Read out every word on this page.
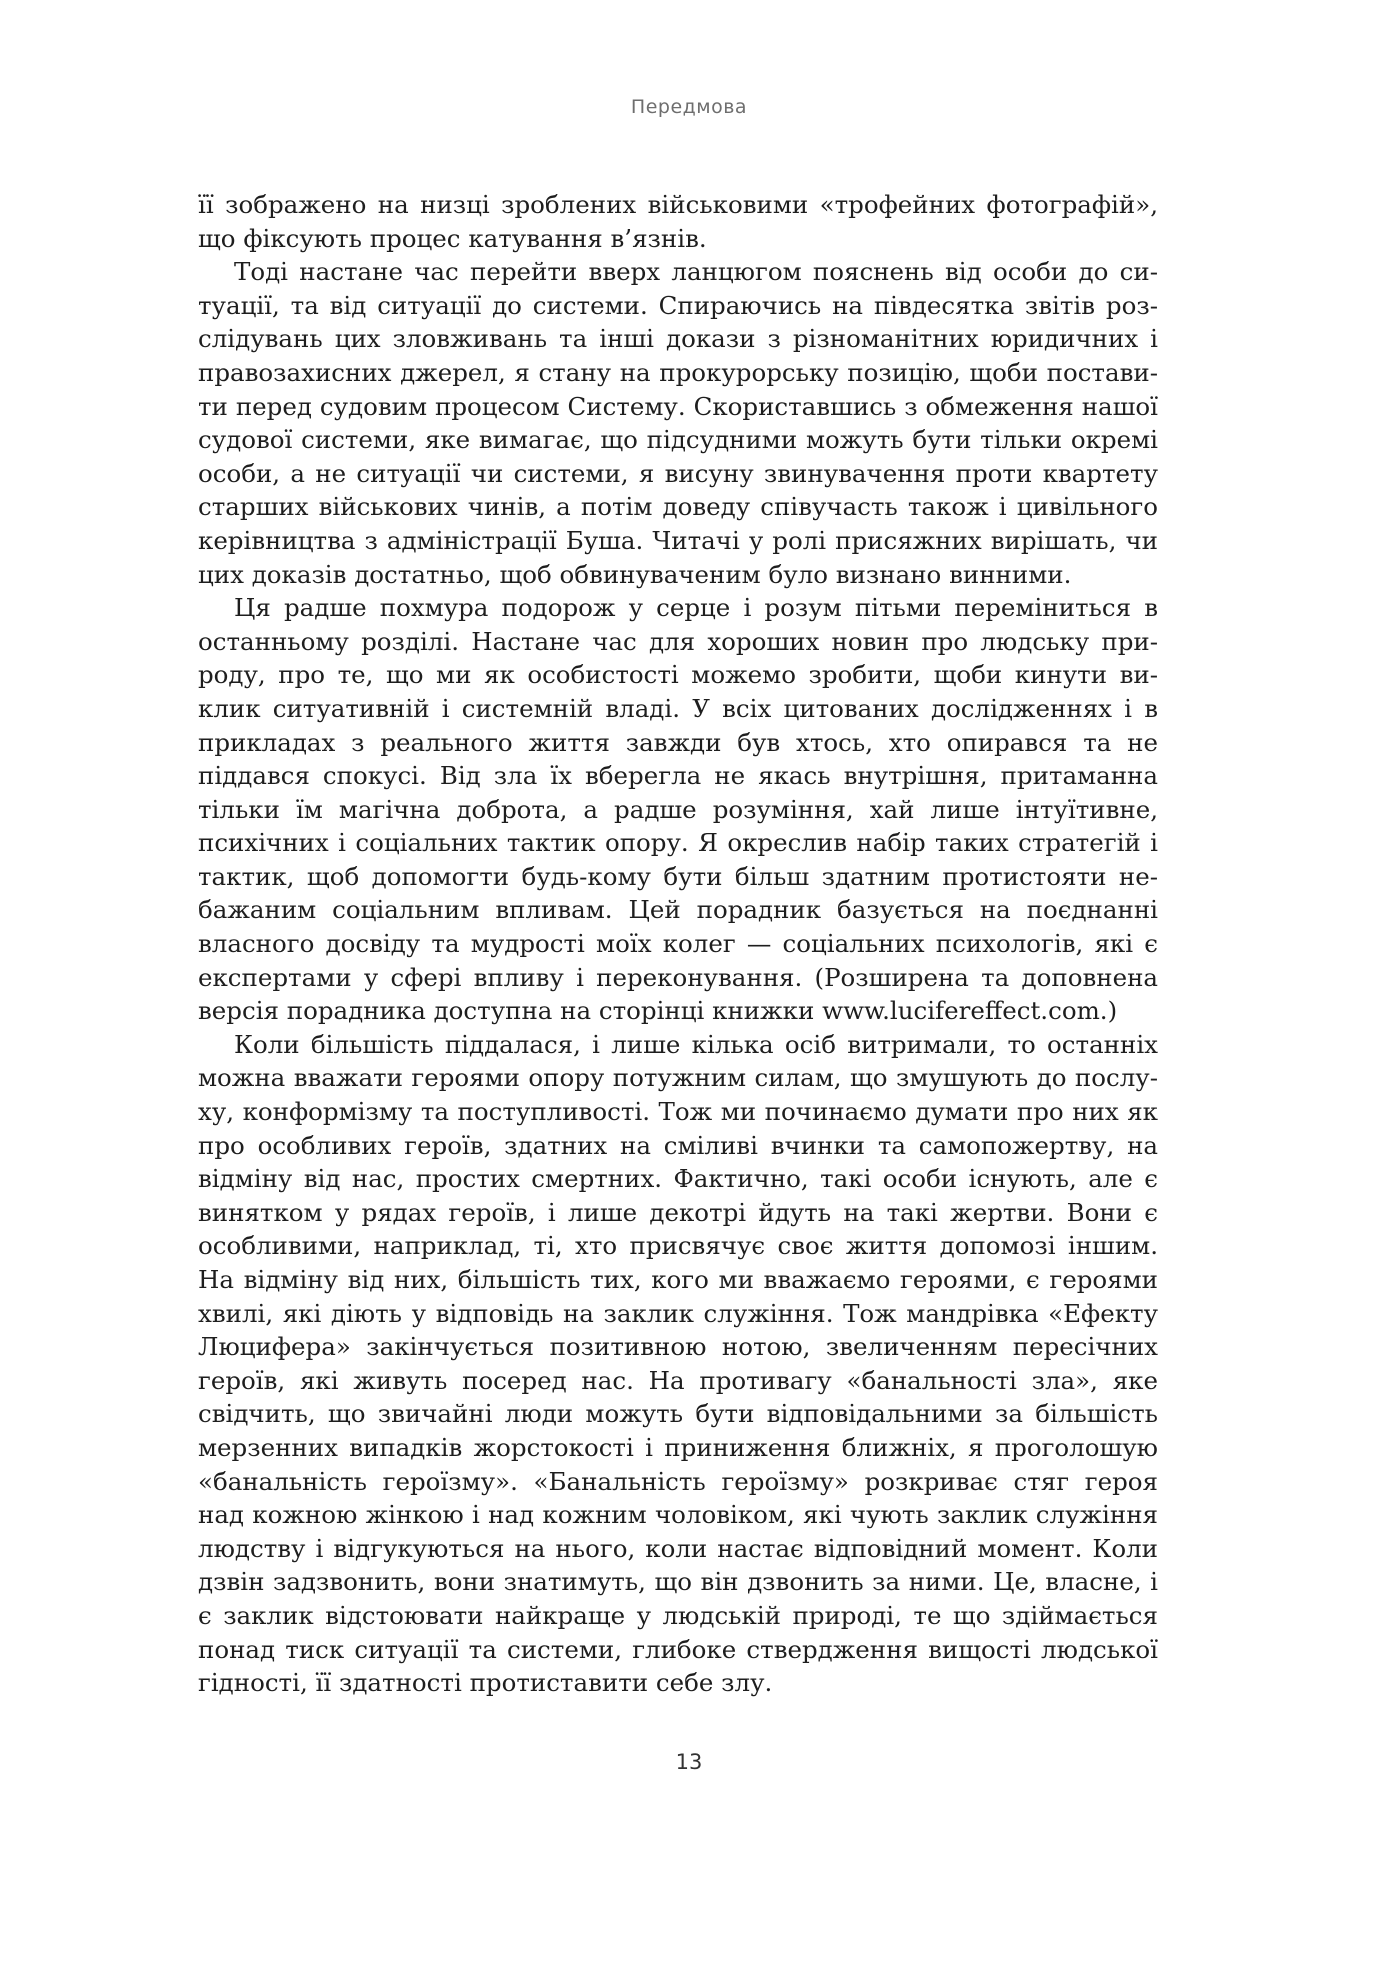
Передмова

її зображено на низці зроблених військовими «трофейних фотографій», що фіксують процес катування в’язнів.

Тоді настане час перейти вверх ланцюгом пояснень від особи до ситуації, та від ситуації до системи. Спираючись на півдесятка звітів розслідувань цих зловживань та інші докази з різноманітних юридичних і правозахисних джерел, я стану на прокурорську позицію, щоби поставити перед судовим процесом Систему. Скориставшись з обмеження нашої судової системи, яке вимагає, що підсудними можуть бути тільки окремі особи, а не ситуації чи системи, я висуну звинувачення проти квартету старших військових чинів, а потім доведу співучасть також і цивільного керівництва з адміністрації Буша. Читачі у ролі присяжних вирішать, чи цих доказів достатньо, щоб обвинуваченим було визнано винними.

Ця радше похмура подорож у серце і розум пітьми переміниться в останньому розділі. Настане час для хороших новин про людську природу, про те, що ми як особистості можемо зробити, щоби кинути виклик ситуативній і системній владі. У всіх цитованих дослідженнях і в прикладах з реального життя завжди був хтось, хто опирався та не піддався спокусі. Від зла їх вберегла не якась внутрішня, притаманна тільки їм магічна доброта, а радше розуміння, хай лише інтуїтивне, психічних і соціальних тактик опору. Я окреслив набір таких стратегій і тактик, щоб допомогти будь-кому бути більш здатним протистояти небажаним соціальним впливам. Цей порадник базується на поєднанні власного досвіду та мудрості моїх колег — соціальних психологів, які є експертами у сфері впливу і переконування. (Розширена та доповнена версія порадника доступна на сторінці книжки www.lucifereffect.com.)

Коли більшість піддалася, і лише кілька осіб витримали, то останніх можна вважати героями опору потужним силам, що змушують до послуху, конформізму та поступливості. Тож ми починаємо думати про них як про особливих героїв, здатних на сміливі вчинки та самопожертву, на відміну від нас, простих смертних. Фактично, такі особи існують, але є винятком у рядах героїв, і лише декотрі йдуть на такі жертви. Вони є особливими, наприклад, ті, хто присвячує своє життя допомозі іншим. На відміну від них, більшість тих, кого ми вважаємо героями, є героями хвилі, які діють у відповідь на заклик служіння. Тож мандрівка «Ефекту Люцифера» закінчується позитивною нотою, звеличенням пересічних героїв, які живуть посеред нас. На противагу «банальності зла», яке свідчить, що звичайні люди можуть бути відповідальними за більшість мерзенних випадків жорстокості і приниження ближніх, я проголошую «банальність героїзму». «Банальність героїзму» розкриває стяг героя над кожною жінкою і над кожним чоловіком, які чують заклик служіння людству і відгукуються на нього, коли настає відповідний момент. Коли дзвін задзвонить, вони знатимуть, що він дзвонить за ними. Це, власне, і є заклик відстоювати найкраще у людській природі, те що здіймається понад тиск ситуації та системи, глибоке ствердження вищості людської гідності, її здатності протиставити себе злу.

13
